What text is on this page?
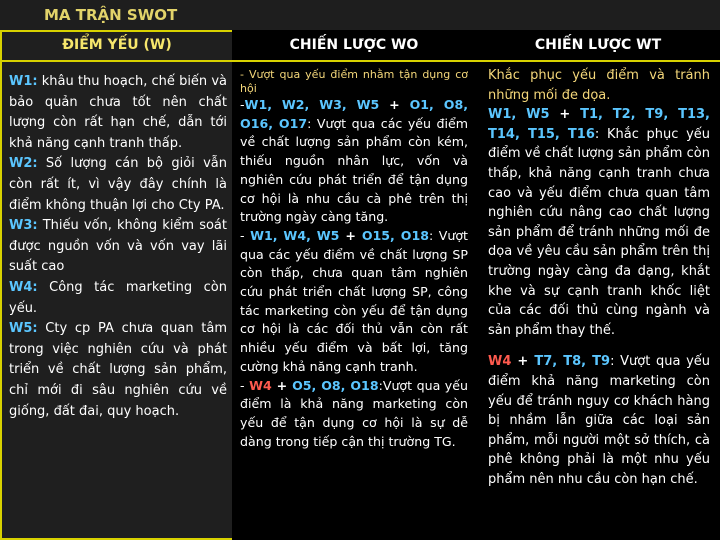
MA TRẬN SWOT
ĐIỂM YẾU (W)

W1: khâu thu hoạch, chế biến và bảo quản chưa tốt nên chất lượng còn rất hạn chế, dẫn tới khả năng cạnh tranh thấp.

W2: Số lượng cán bộ giỏi vẫn còn rất ít, vì vậy đây chính là điểm không thuận lợi cho Cty PA.

W3: Thiếu vốn, không kiểm soát được nguồn vốn và vốn vay lãi suất cao

W4: Công tác marketing còn yếu.

W5: Cty cp PA chưa quan tâm trong việc nghiên cứu và phát triển về chất lượng sản phẩm, chỉ mới đi sâu nghiên cứu về giống, đất đai, quy hoạch.

CHIẾN LƯỢC WO
- Vượt qua yếu điểm nhằm tận dụng cơ hội

-W1, W2, W3, W5 + O1, O8, O16, O17: Vượt qua các yếu điểm về chất lượng sản phẩm còn kém, thiếu nguồn nhân lực, vốn và nghiên cứu phát triển để tận dụng cơ hội là nhu cầu cà phê trên thị trường ngày càng tăng.

- W1, W4, W5 + O15, O18: Vượt qua các yếu điểm về chất lượng SP còn thấp, chưa quan tâm nghiên cứu phát triển chất lượng SP, công tác marketing còn yếu để tận dụng cơ hội là các đối thủ vẫn còn rất nhiều yếu điểm và bất lợi, tăng cường khả năng cạnh tranh.

- W4 + O5, O8, O18:Vượt qua yếu điểm là khả năng marketing còn yếu để tận dụng cơ hội là sự dễ dàng trong tiếp cận thị trường TG.

CHIẾN LƯỢC WT

Khắc phục yếu điểm và tránh những mối đe dọa.

W1, W5 + T1, T2, T9, T13, T14, T15, T16: Khắc phục yếu điểm về chất lượng sản phẩm còn thấp, khả năng cạnh tranh chưa cao và yếu điểm chưa quan tâm nghiên cứu nâng cao chất lượng sản phẩm để tránh những mối đe dọa về yêu cầu sản phẩm trên thị trường ngày càng đa dạng, khắt khe và sự cạnh tranh khốc liệt của các đối thủ cùng ngành và sản phẩm thay thế.

W4 + T7, T8, T9: Vượt qua yếu điểm khả năng marketing còn yếu để tránh nguy cơ khách hàng bị nhầm lẫn giữa các loại sản phẩm, mỗi người một sở thích, cà phê không phải là một nhu yếu phẩm nên nhu cầu còn hạn chế.
